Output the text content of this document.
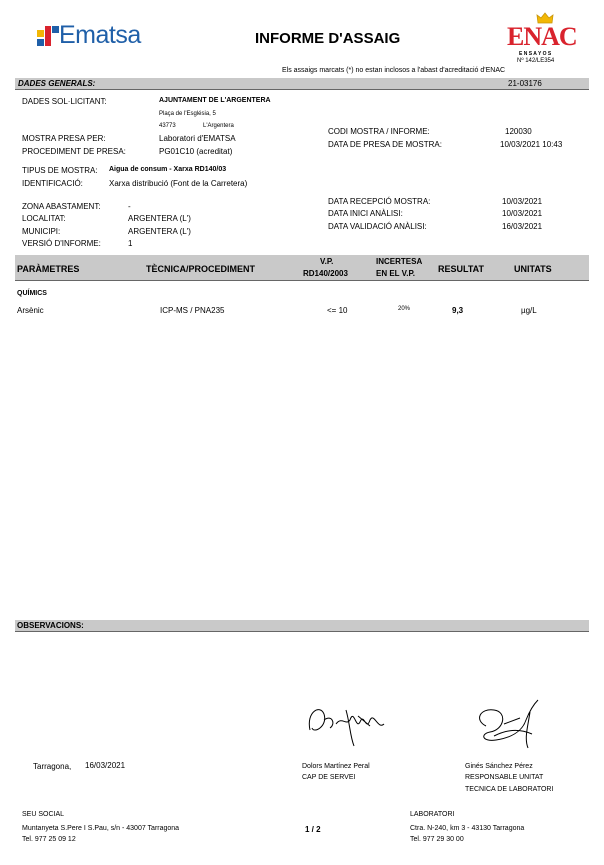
Ematsa	INFORME D'ASSAIG	ENAC
E N S A Y O S
Nº 142/LE354
Els assaigs marcats (*) no estan inclosos a l'abast d'acreditació d'ENAC
DADES GENERALS:	21-03176
DADES SOL·LICITANT:	AJUNTAMENT DE L'ARGENTERA
Plaça de l'Església, 5
43773	L'Argentera
MOSTRA PRESA PER:	Laboratori d'EMATSA
PROCEDIMENT DE PRESA:	PG01C10 (acreditat)
CODI MOSTRA / INFORME:	120030
DATA DE PRESA DE MOSTRA:	10/03/2021 10:43
TIPUS DE MOSTRA: Aigua de consum - Xarxa RD140/03
IDENTIFICACIÓ:	Xarxa distribució (Font de la Carretera)
ZONA ABASTAMENT:	-
LOCALITAT:	ARGENTERA (L')
MUNICIPI:	ARGENTERA (L')
VERSIÓ D'INFORME:	1
DATA RECEPCIÓ MOSTRA:	10/03/2021
DATA INICI ANÀLISI:	10/03/2021
DATA VALIDACIÓ ANÀLISI:	16/03/2021
PARÀMETRES	TÈCNICA/PROCEDIMENT
V.P.
RD140/2003
INCERTESA
EN EL V.P.	RESULTAT	UNITATS
QUÍMICS
Arsènic	ICP-MS / PNA235	<= 10	20%	9,3	µg/L
OBSERVACIONS:
Tarragona, 16/03/2021	Dolors Martínez Peral
CAP DE SERVEI
Ginés Sánchez Pérez
RESPONSABLE UNITAT
TECNICA DE LABORATORI
SEU SOCIAL
Muntanyeta S.Pere I S.Pau, s/n - 43007 Tarragona
Tel. 977 25 09 12
1 / 2
LABORATORI
Ctra. N-240, km 3 - 43130 Tarragona
Tel. 977 29 30 00
